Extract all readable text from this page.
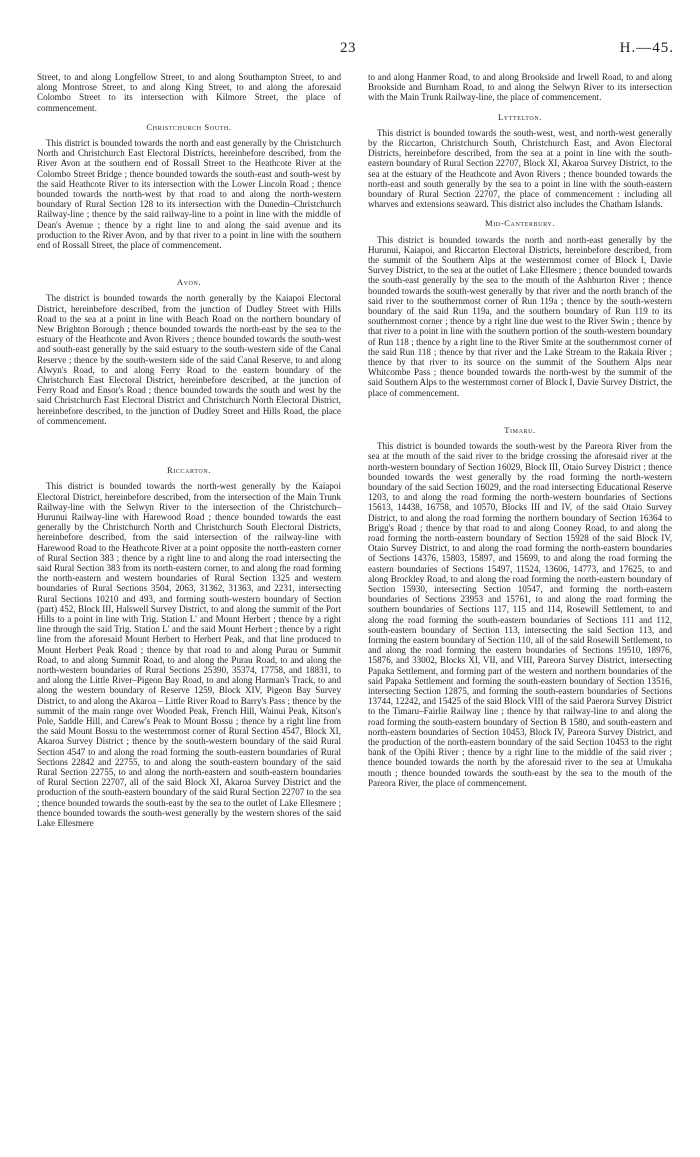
23	H.—45.

Street, to and along Longfellow Street, to and along Southampton Street, to and along Montrose Street, to and along King Street, to and along the aforesaid Colombo Street to its intersection with Kilmore Street, the place of commencement.

Christchurch South.

This district is bounded towards the north and east generally by the Christchurch North and Christchurch East Electoral Districts, hereinbefore described, from the River Avon at the southern end of Rossall Street to the Heathcote River at the Colombo Street Bridge ; thence bounded towards the south-east and south-west by the said Heathcote River to its intersection with the Lower Lincoln Road ; thence bounded towards the north-west by that road to and along the north-western boundary of Rural Section 128 to its intersection with the Dunedin–Christchurch Railway-line ; thence by the said railway-line to a point in line with the middle of Dean's Avenue ; thence by a right line to and along the said avenue and its production to the River Avon, and by that river to a point in line with the southern end of Rossall Street, the place of commencement.

Avon.

The district is bounded towards the north generally by the Kaiapoi Electoral District, hereinbefore described, from the junction of Dudley Street with Hills Road to the sea at a point in line with Beach Road on the northern boundary of New Brighton Borough ; thence bounded towards the north-east by the sea to the estuary of the Heathcote and Avon Rivers ; thence bounded towards the south-west and south-east generally by the said estuary to the south-western side of the Canal Reserve ; thence by the south-western side of the said Canal Reserve, to and along Alwyn's Road, to and along Ferry Road to the eastern boundary of the Christchurch East Electoral District, hereinbefore described, at the junction of Ferry Road and Ensor's Road ; thence bounded towards the south and west by the said Christchurch East Electoral District and Christchurch North Electoral District, hereinbefore described, to the junction of Dudley Street and Hills Road, the place of commencement.

Riccarton.

This district is bounded towards the north-west generally by the Kaiapoi Electoral District, hereinbefore described, from the intersection of the Main Trunk Railway-line with the Selwyn River to the intersection of the Christchurch–Hurunui Railway-line with Harewood Road ; thence bounded towards the east generally by the Christchurch North and Christchurch South Electoral Districts, hereinbefore described, from the said intersection of the railway-line with Harewood Road to the Heathcote River at a point opposite the north-eastern corner of Rural Section 383 ; thence by a right line to and along the road intersecting the said Rural Section 383 from its north-eastern corner, to and along the road forming the north-eastern and western boundaries of Rural Section 1325 and western boundaries of Rural Sections 3504, 2063, 31362, 31363, and 2231, intersecting Rural Sections 10210 and 493, and forming south-western boundary of Section (part) 452, Block III, Halswell Survey District, to and along the summit of the Port Hills to a point in line with Trig. Station L' and Mount Herbert ; thence by a right line through the said Trig. Station L' and the said Mount Herbert ; thence by a right line from the aforesaid Mount Herbert to Herbert Peak, and that line produced to Mount Herbert Peak Road ; thence by that road to and along Purau or Summit Road, to and along Summit Road, to and along the Purau Road, to and along the north-western boundaries of Rural Sections 25390, 35374, 17758, and 18831, to and along the Little River–Pigeon Bay Road, to and along Harman's Track, to and along the western boundary of Reserve 1259, Block XIV, Pigeon Bay Survey District, to and along the Akaroa – Little River Road to Barry's Pass ; thence by the summit of the main range over Wooded Peak, French Hill, Wainui Peak, Kitson's Pole, Saddle Hill, and Carew's Peak to Mount Bossu ; thence by a right line from the said Mount Bossu to the westernmost corner of Rural Section 4547, Block XI, Akaroa Survey District ; thence by the south-western boundary of the said Rural Section 4547 to and along the road forming the south-eastern boundaries of Rural Sections 22842 and 22755, to and along the south-eastern boundary of the said Rural Section 22755, to and along the north-eastern and south-eastern boundaries of Rural Section 22707, all of the said Block XI, Akaroa Survey District and the production of the south-eastern boundary of the said Rural Section 22707 to the sea ; thence bounded towards the south-east by the sea to the outlet of Lake Ellesmere ; thence bounded towards the south-west generally by the western shores of the said Lake Ellesmere

to and along Hanmer Road, to and along Brookside and Irwell Road, to and along Brookside and Burnham Road, to and along the Selwyn River to its intersection with the Main Trunk Railway-line, the place of commencement.

Lyttelton.

This district is bounded towards the south-west, west, and north-west generally by the Riccarton, Christchurch South, Christchurch East, and Avon Electoral Districts, hereinbefore described, from the sea at a point in line with the south-eastern boundary of Rural Section 22707, Block XI, Akaroa Survey District, to the sea at the estuary of the Heathcote and Avon Rivers ; thence bounded towards the north-east and south generally by the sea to a point in line with the south-eastern boundary of Rural Section 22707, the place of commencement : including all wharves and extensions seaward. This district also includes the Chatham Islands.

Mid-Canterbury.

This district is bounded towards the north and north-east generally by the Hurunui, Kaiapoi, and Riccarton Electoral Districts, hereinbefore described, from the summit of the Southern Alps at the westernmost corner of Block I, Davie Survey District, to the sea at the outlet of Lake Ellesmere ; thence bounded towards the south-east generally by the sea to the mouth of the Ashburton River ; thence bounded towards the south-west generally by that river and the north branch of the said river to the southernmost corner of Run 119a ; thence by the south-western boundary of the said Run 119a, and the southern boundary of Run 119 to its southernmost corner ; thence by a right line due west to the River Swin ; thence by that river to a point in line with the southern portion of the south-western boundary of Run 118 ; thence by a right line to the River Smite at the southernmost corner of the said Run 118 ; thence by that river and the Lake Stream to the Rakaia River ; thence by that river to its source on the summit of the Southern Alps near Whitcombe Pass ; thence bounded towards the north-west by the summit of the said Southern Alps to the westernmost corner of Block I, Davie Survey District, the place of commencement.

Timaru.

This district is bounded towards the south-west by the Pareora River from the sea at the mouth of the said river to the bridge crossing the aforesaid river at the north-western boundary of Section 16029, Block III, Otaio Survey District ; thence bounded towards the west generally by the road forming the north-western boundary of the said Section 16029, and the road intersecting Educational Reserve 1203, to and along the road forming the north-western boundaries of Sections 15613, 14438, 16758, and 10570, Blocks III and IV, of the said Otaio Survey District, to and along the road forming the northern boundary of Section 16364 to Brigg's Road ; thence by that road to and along Cooney Road, to and along the road forming the north-eastern boundary of Section 15928 of the said Block IV, Otaio Survey District, to and along the road forming the north-eastern boundaries of Sections 14376, 15803, 15897, and 15699, to and along the road forming the eastern boundaries of Sections 15497, 11524, 13606, 14773, and 17625, to and along Brockley Road, to and along the road forming the north-eastern boundary of Section 15930, intersecting Section 10547, and forming the north-eastern boundaries of Sections 23953 and 15761, to and along the road forming the southern boundaries of Sections 117, 115 and 114, Rosewill Settlement, to and along the road forming the south-eastern boundaries of Sections 111 and 112, south-eastern boundary of Section 113, intersecting the said Section 113, and forming the eastern boundary of Section 110, all of the said Rosewill Settlement, to and along the road forming the eastern boundaries of Sections 19510, 18976, 15876, and 33002, Blocks XI, VII, and VIII, Pareora Survey District, intersecting Papaka Settlement, and forming part of the western and northern boundaries of the said Papaka Settlement and forming the south-eastern boundary of Section 13516, intersecting Section 12875, and forming the south-eastern boundaries of Sections 13744, 12242, and 15425 of the said Block VIII of the said Paerora Survey District to the Timaru–Fairlie Railway line ; thence by that railway-line to and along the road forming the south-eastern boundary of Section B 1580, and south-eastern and north-eastern boundaries of Section 10453, Block IV, Pareora Survey District, and the production of the north-eastern boundary of the said Section 10453 to the right bank of the Opihi River ; thence by a right line to the middle of the said river ; thence bounded towards the north by the aforesaid river to the sea at Umukaha mouth ; thence bounded towards the south-east by the sea to the mouth of the Pareora River, the place of commencement.
